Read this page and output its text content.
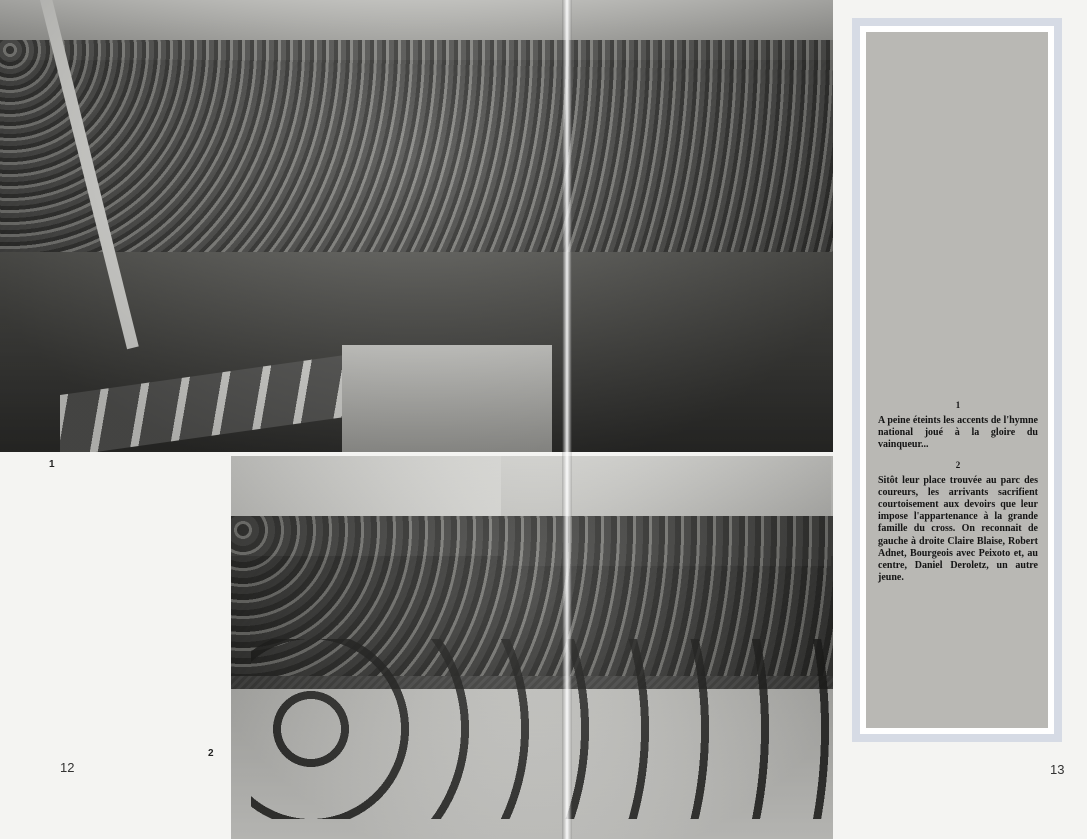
1
2
12	13
1
A peine éteints les accents de l'hymne national joué à la gloire du vainqueur...
2
Sitôt leur place trouvée au parc des coureurs, les arrivants sacrifient courtoisement aux devoirs que leur impose l'appartenance à la grande famille du cross. On reconnait de gauche à droite Claire Blaise, Robert Adnet, Bourgeois avec Peixoto et, au centre, Daniel Deroletz, un autre jeune.
